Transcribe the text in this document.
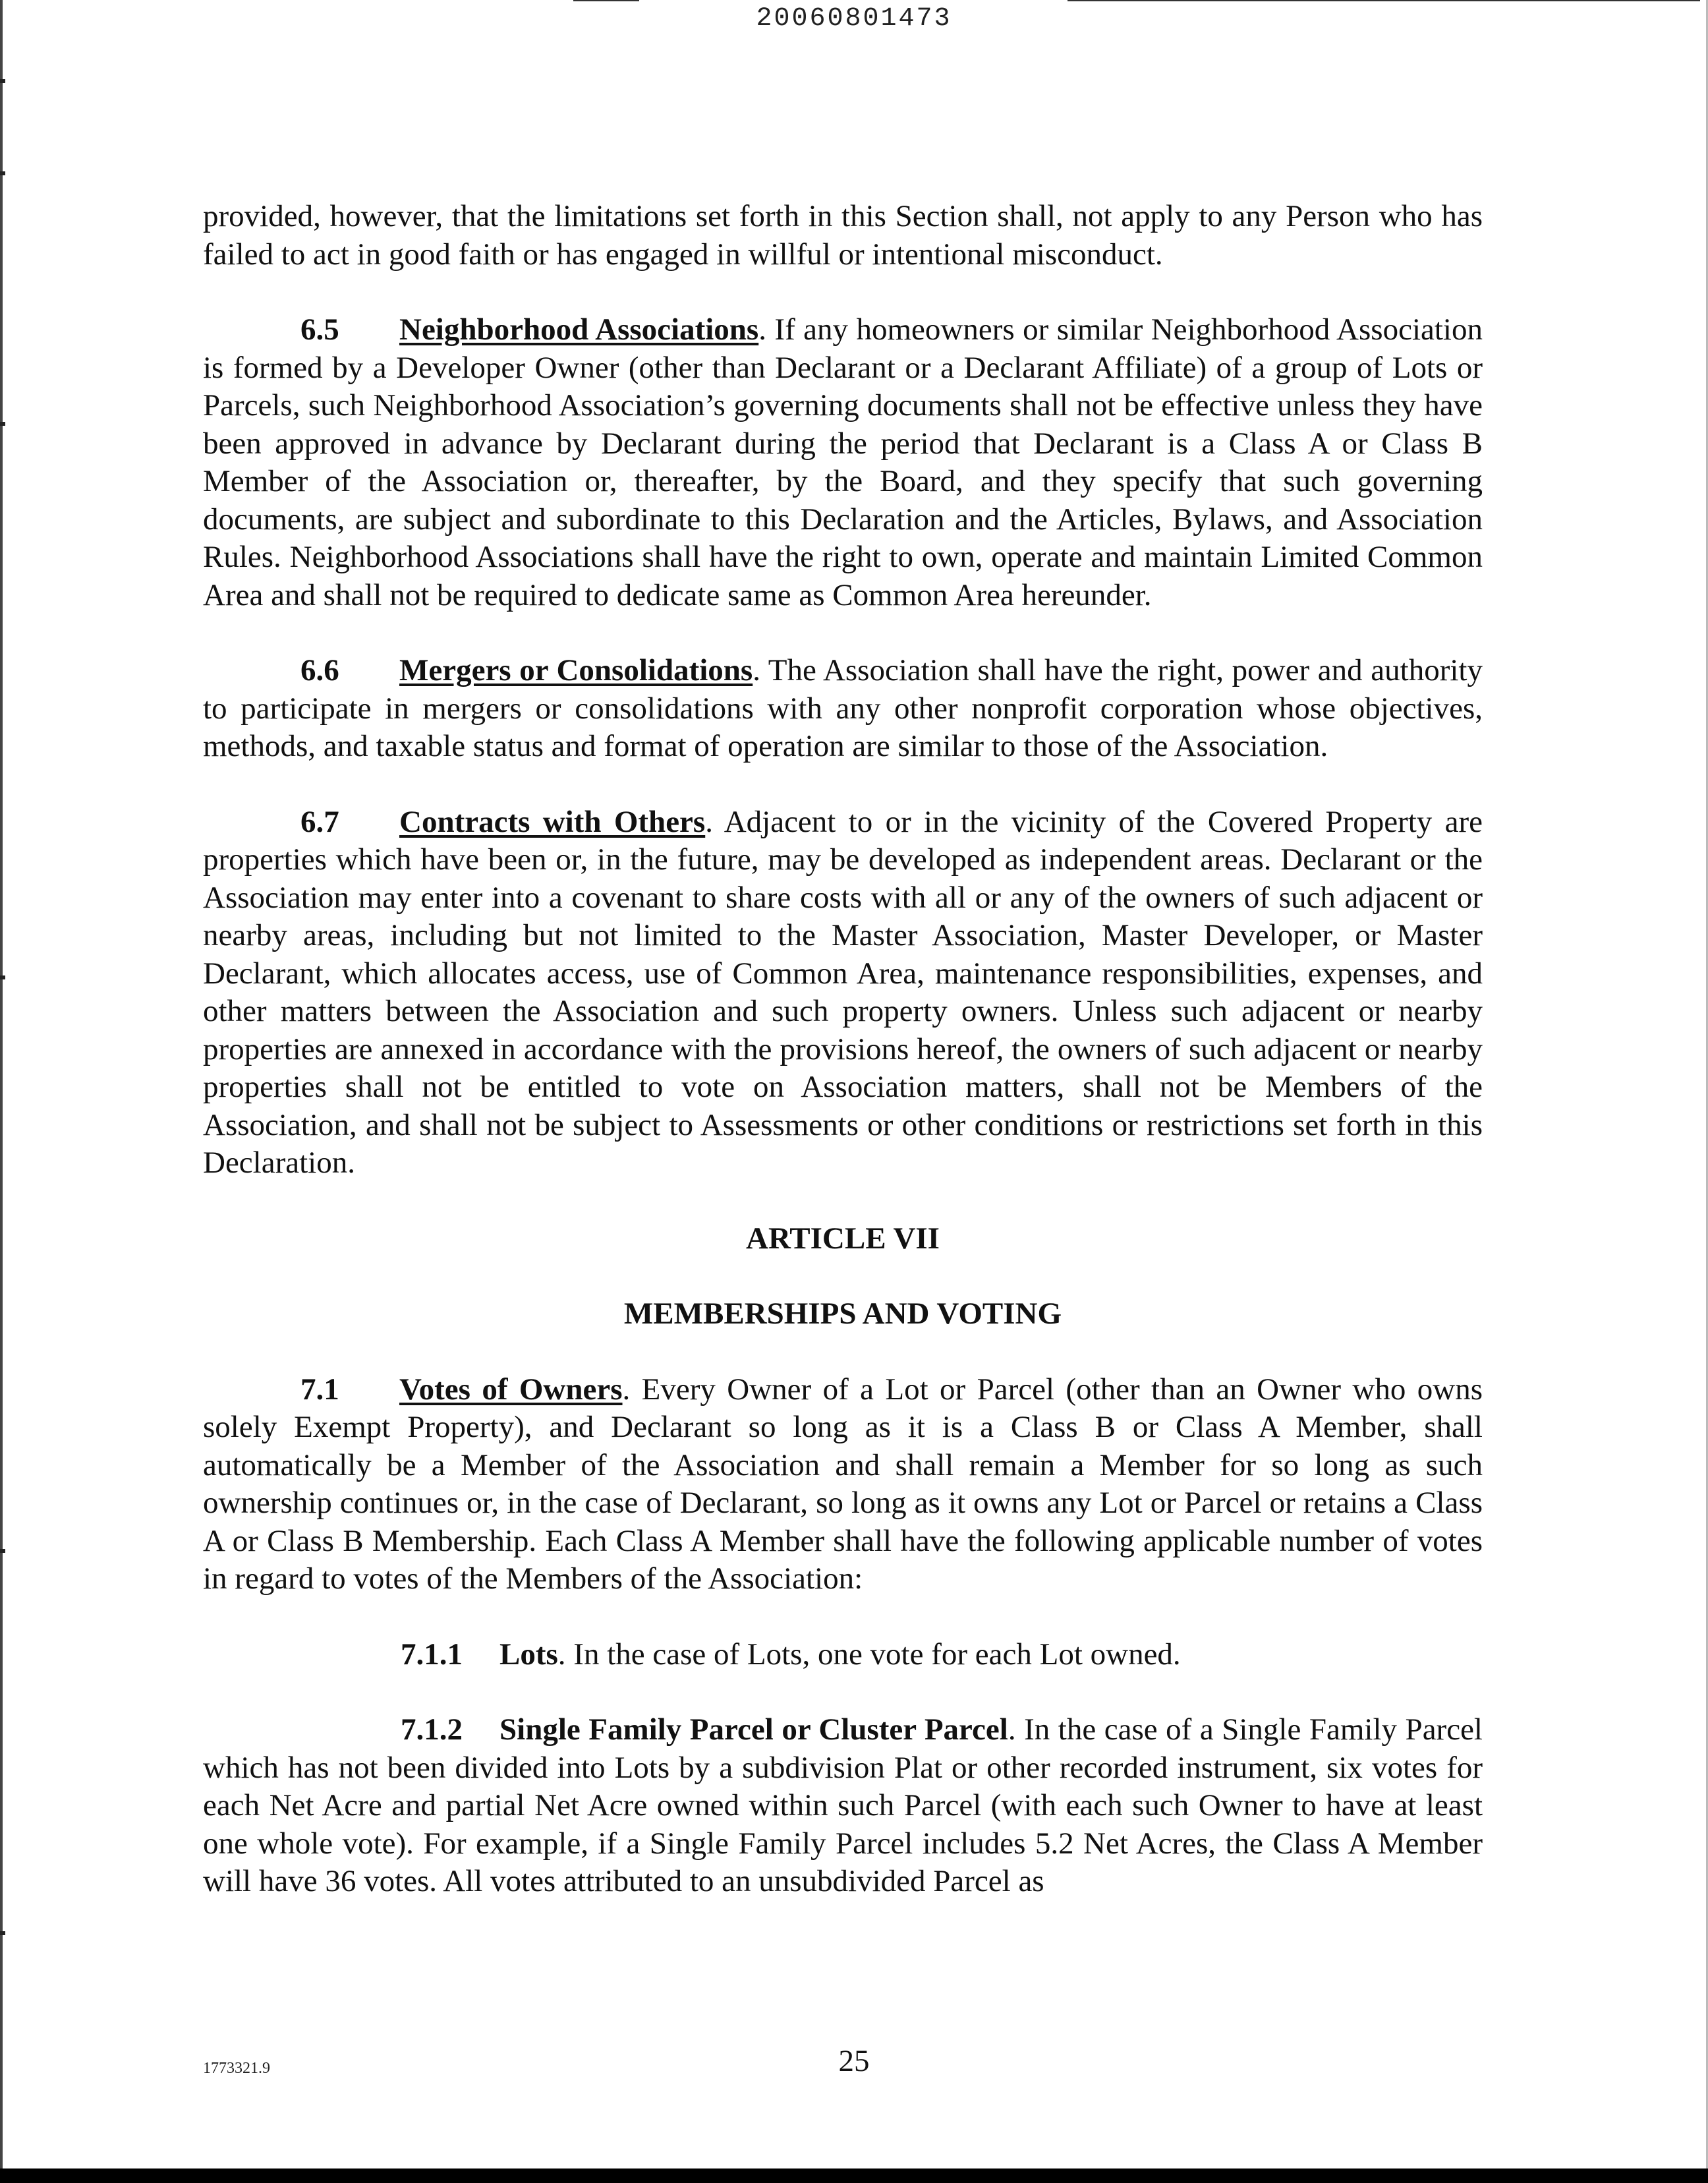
20060801473

provided, however, that the limitations set forth in this Section shall, not apply to any Person who has failed to act in good faith or has engaged in willful or intentional misconduct.

6.5 Neighborhood Associations. If any homeowners or similar Neighborhood Association is formed by a Developer Owner (other than Declarant or a Declarant Affiliate) of a group of Lots or Parcels, such Neighborhood Association’s governing documents shall not be effective unless they have been approved in advance by Declarant during the period that Declarant is a Class A or Class B Member of the Association or, thereafter, by the Board, and they specify that such governing documents, are subject and subordinate to this Declaration and the Articles, Bylaws, and Association Rules. Neighborhood Associations shall have the right to own, operate and maintain Limited Common Area and shall not be required to dedicate same as Common Area hereunder.

6.6 Mergers or Consolidations. The Association shall have the right, power and authority to participate in mergers or consolidations with any other nonprofit corporation whose objectives, methods, and taxable status and format of operation are similar to those of the Association.

6.7 Contracts with Others. Adjacent to or in the vicinity of the Covered Property are properties which have been or, in the future, may be developed as independent areas. Declarant or the Association may enter into a covenant to share costs with all or any of the owners of such adjacent or nearby areas, including but not limited to the Master Association, Master Developer, or Master Declarant, which allocates access, use of Common Area, maintenance responsibilities, expenses, and other matters between the Association and such property owners. Unless such adjacent or nearby properties are annexed in accordance with the provisions hereof, the owners of such adjacent or nearby properties shall not be entitled to vote on Association matters, shall not be Members of the Association, and shall not be subject to Assessments or other conditions or restrictions set forth in this Declaration.

ARTICLE VII

MEMBERSHIPS AND VOTING

7.1 Votes of Owners. Every Owner of a Lot or Parcel (other than an Owner who owns solely Exempt Property), and Declarant so long as it is a Class B or Class A Member, shall automatically be a Member of the Association and shall remain a Member for so long as such ownership continues or, in the case of Declarant, so long as it owns any Lot or Parcel or retains a Class A or Class B Membership. Each Class A Member shall have the following applicable number of votes in regard to votes of the Members of the Association:

7.1.1 Lots. In the case of Lots, one vote for each Lot owned.

7.1.2 Single Family Parcel or Cluster Parcel. In the case of a Single Family Parcel which has not been divided into Lots by a subdivision Plat or other recorded instrument, six votes for each Net Acre and partial Net Acre owned within such Parcel (with each such Owner to have at least one whole vote). For example, if a Single Family Parcel includes 5.2 Net Acres, the Class A Member will have 36 votes. All votes attributed to an unsubdivided Parcel as

1773321.9	25
